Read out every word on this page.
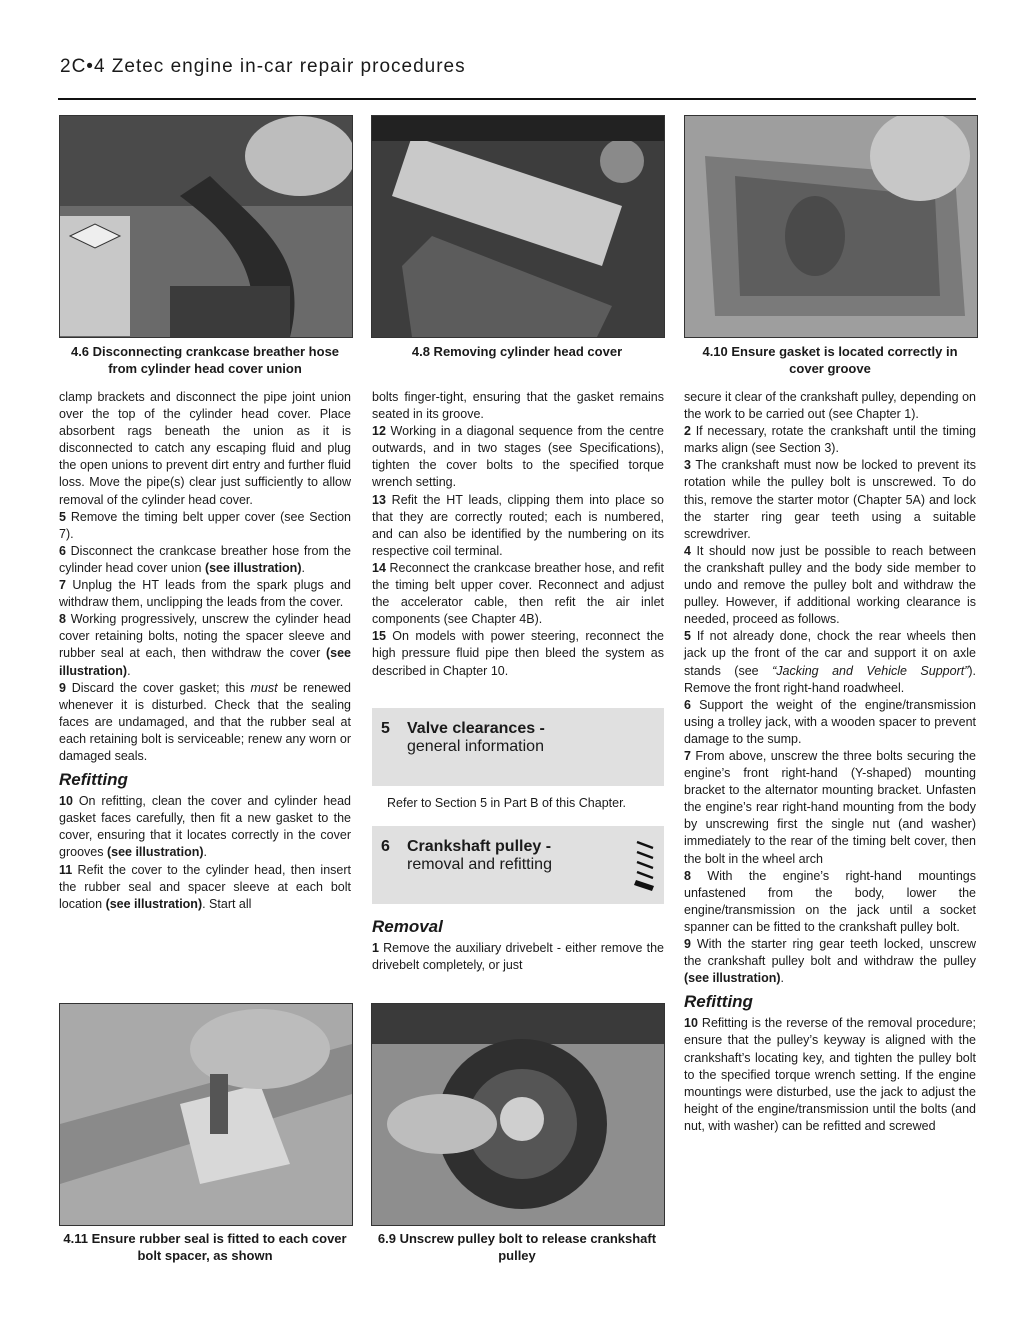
2C•4 Zetec engine in-car repair procedures
4.6 Disconnecting crankcase breather hose from cylinder head cover union
4.8 Removing cylinder head cover	4.10 Ensure gasket is located correctly in cover groove

clamp brackets and disconnect the pipe joint union over the top of the cylinder head cover. Place absorbent rags beneath the union as it is disconnected to catch any escaping fluid and plug the open unions to prevent dirt entry and further fluid loss. Move the pipe(s) clear just sufficiently to allow removal of the cylinder head cover.

5 Remove the timing belt upper cover (see Section 7).

6 Disconnect the crankcase breather hose from the cylinder head cover union (see illustration).

7 Unplug the HT leads from the spark plugs and withdraw them, unclipping the leads from the cover.

8 Working progressively, unscrew the cylinder head cover retaining bolts, noting the spacer sleeve and rubber seal at each, then withdraw the cover (see illustration).

9 Discard the cover gasket; this must be renewed whenever it is disturbed. Check that the sealing faces are undamaged, and that the rubber seal at each retaining bolt is serviceable; renew any worn or damaged seals.

Refitting

10 On refitting, clean the cover and cylinder head gasket faces carefully, then fit a new gasket to the cover, ensuring that it locates correctly in the cover grooves (see illustration).

11 Refit the cover to the cylinder head, then insert the rubber seal and spacer sleeve at each bolt location (see illustration). Start all

bolts finger-tight, ensuring that the gasket remains seated in its groove.

12 Working in a diagonal sequence from the centre outwards, and in two stages (see Specifications), tighten the cover bolts to the specified torque wrench setting.

13 Refit the HT leads, clipping them into place so that they are correctly routed; each is numbered, and can also be identified by the numbering on its respective coil terminal.

14 Reconnect the crankcase breather hose, and refit the timing belt upper cover. Reconnect and adjust the accelerator cable, then refit the air inlet components (see Chapter 4B).

15 On models with power steering, reconnect the high pressure fluid pipe then bleed the system as described in Chapter 10.

5 Valve clearances -
general information
Refer to Section 5 in Part B of this Chapter.
6 Crankshaft pulley -
removal and refitting
Removal

1 Remove the auxiliary drivebelt - either remove the drivebelt completely, or just

secure it clear of the crankshaft pulley, depending on the work to be carried out (see Chapter 1).

2 If necessary, rotate the crankshaft until the timing marks align (see Section 3).

3 The crankshaft must now be locked to prevent its rotation while the pulley bolt is unscrewed. To do this, remove the starter motor (Chapter 5A) and lock the starter ring gear teeth using a suitable screwdriver.

4 It should now just be possible to reach between the crankshaft pulley and the body side member to undo and remove the pulley bolt and withdraw the pulley. However, if additional working clearance is needed, proceed as follows.

5 If not already done, chock the rear wheels then jack up the front of the car and support it on axle stands (see “Jacking and Vehicle Support”). Remove the front right-hand roadwheel.

6 Support the weight of the engine/transmission using a trolley jack, with a wooden spacer to prevent damage to the sump.

7 From above, unscrew the three bolts securing the engine’s front right-hand (Y-shaped) mounting bracket to the alternator mounting bracket. Unfasten the engine’s rear right-hand mounting from the body by unscrewing first the single nut (and washer) immediately to the rear of the timing belt cover, then the bolt in the wheel arch

8 With the engine’s right-hand mountings unfastened from the body, lower the engine/transmission on the jack until a socket spanner can be fitted to the crankshaft pulley bolt.

9 With the starter ring gear teeth locked, unscrew the crankshaft pulley bolt and withdraw the pulley (see illustration).

Refitting

10 Refitting is the reverse of the removal procedure; ensure that the pulley’s keyway is aligned with the crankshaft’s locating key, and tighten the pulley bolt to the specified torque wrench setting. If the engine mountings were disturbed, use the jack to adjust the height of the engine/transmission until the bolts (and nut, with washer) can be refitted and screwed

4.11 Ensure rubber seal is fitted to each cover bolt spacer, as shown
6.9 Unscrew pulley bolt to release crankshaft pulley
